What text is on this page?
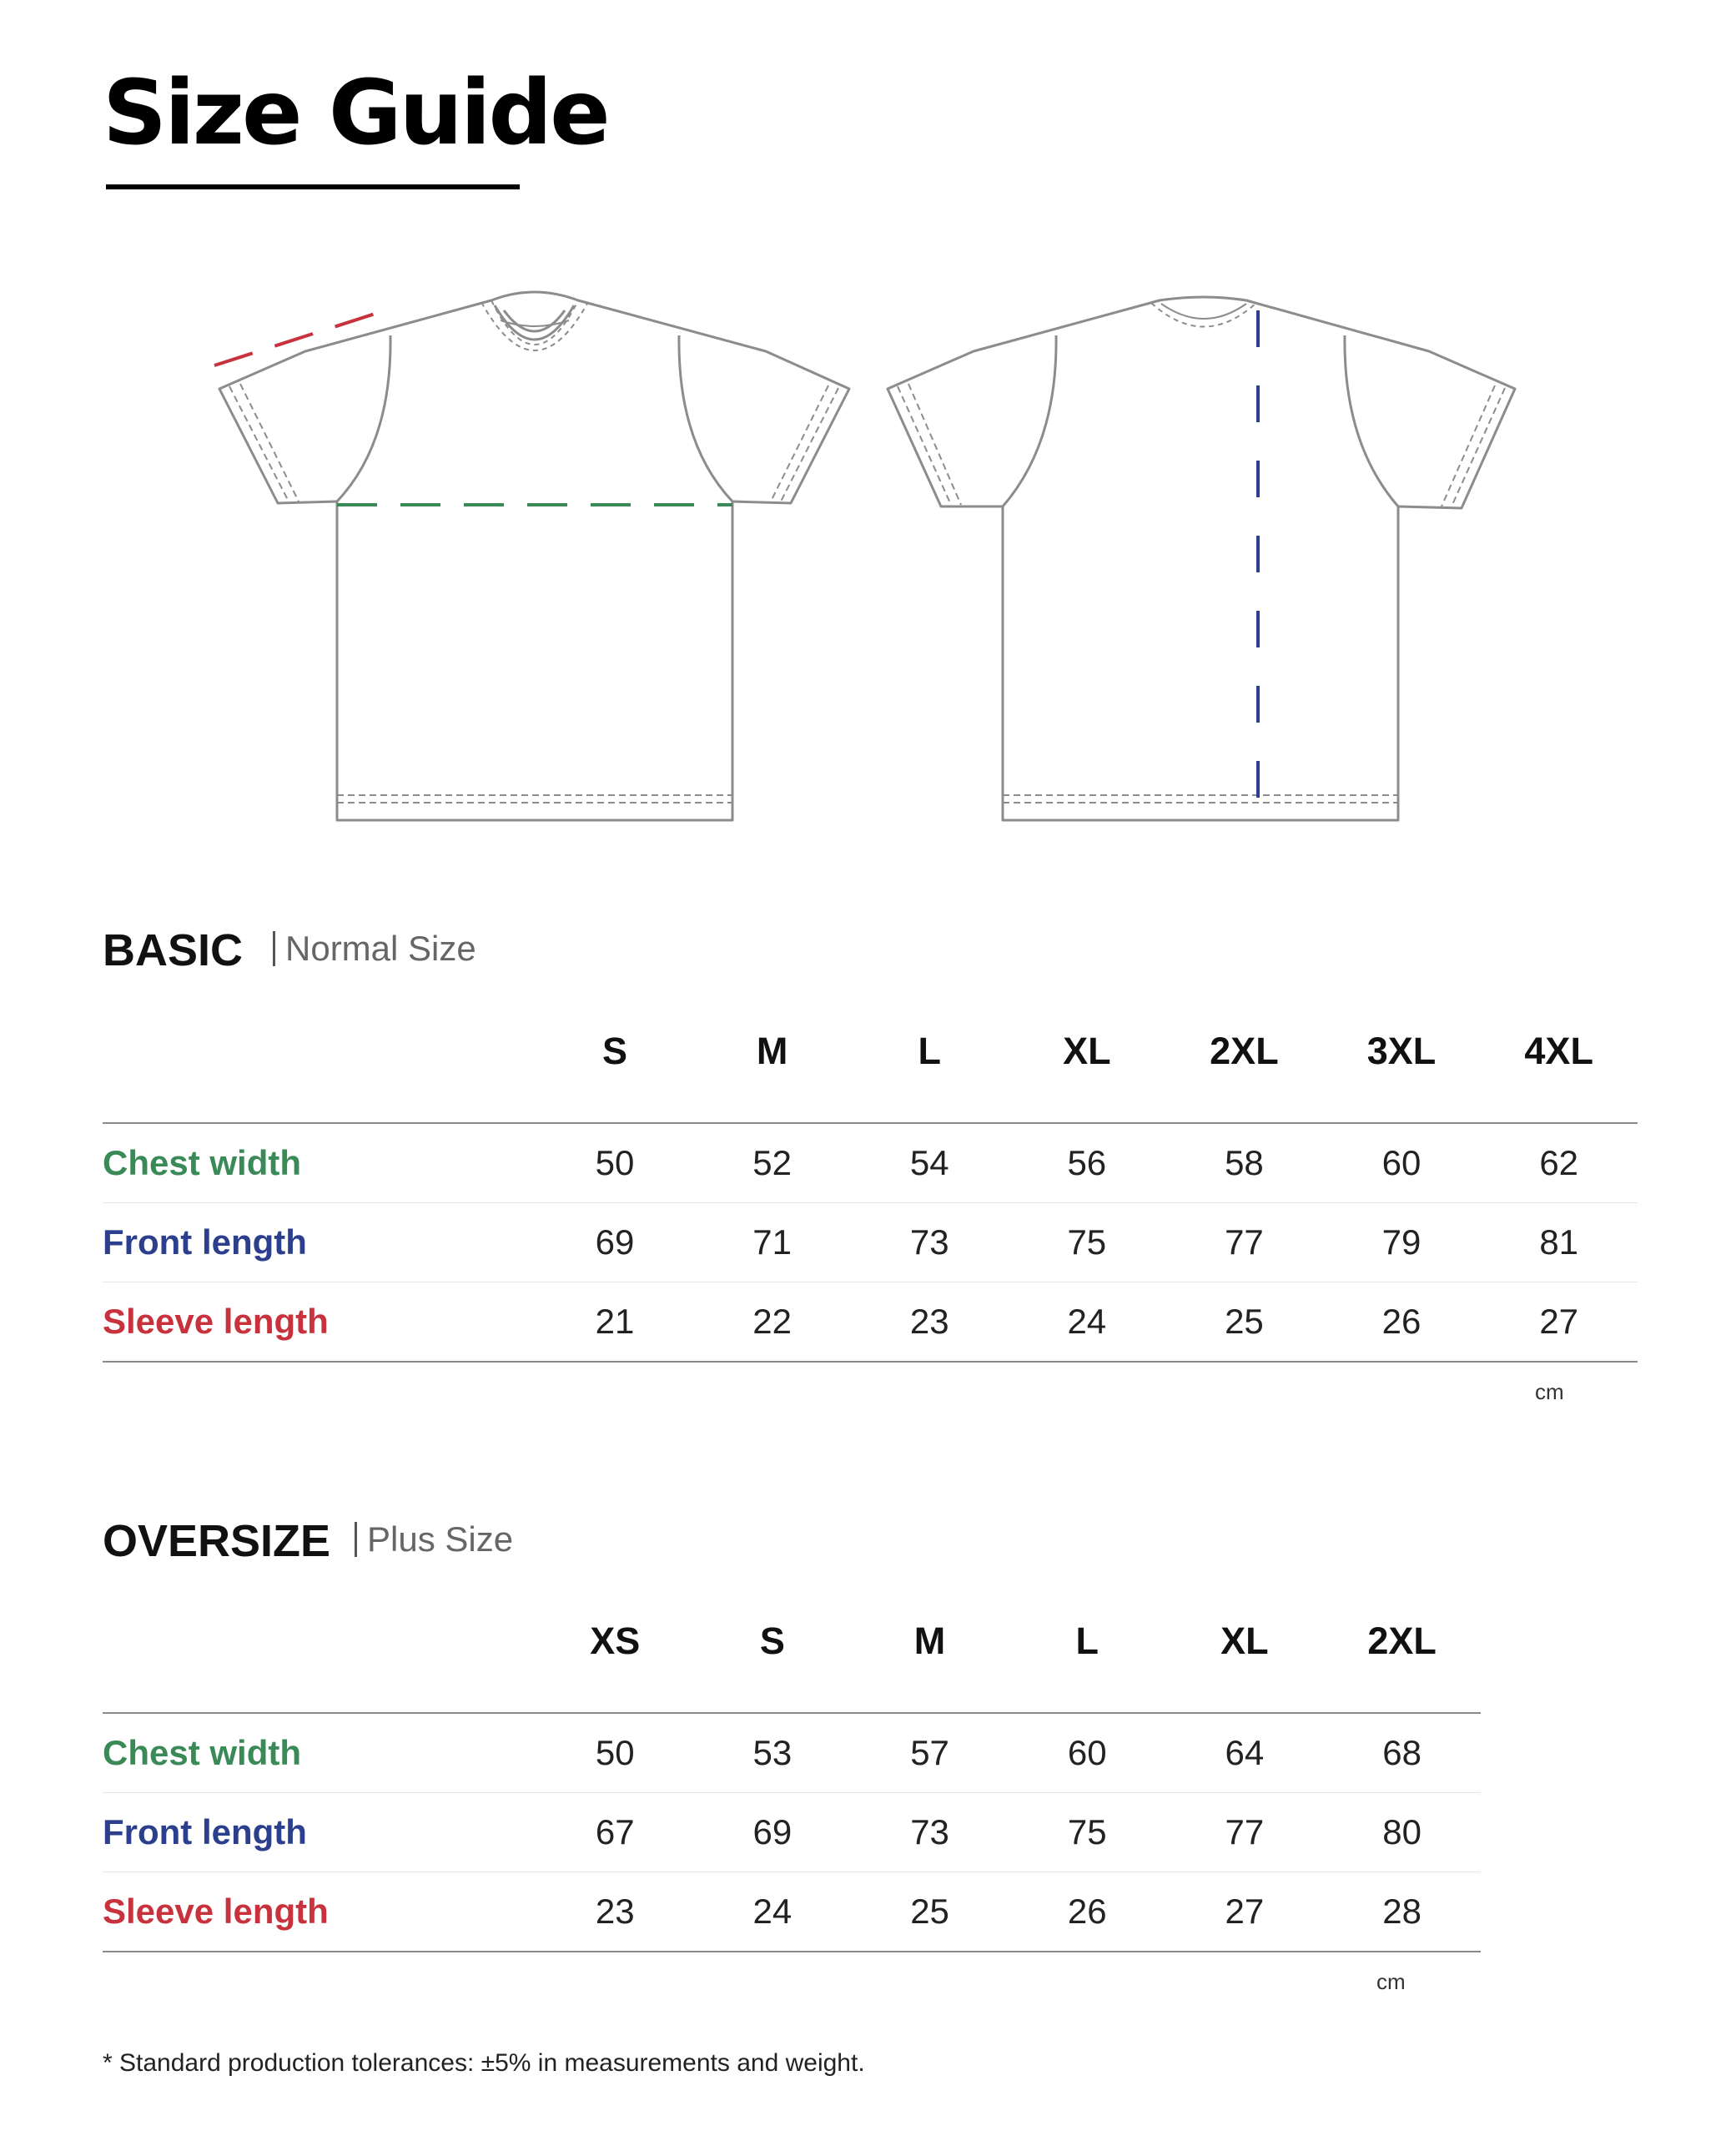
Size Guide
BASIC	Normal Size
	S	M	L	XL	2XL	3XL	4XL
Chest width	50	52	54	56	58	60	62
Front length	69	71	73	75	77	79	81
Sleeve length	21	22	23	24	25	26	27
cm
OVERSIZE	Plus Size
	XS	S	M	L	XL	2XL
Chest width	50	53	57	60	64	68
Front length	67	69	73	75	77	80
Sleeve length	23	24	25	26	27	28
cm
* Standard production tolerances: ±5% in measurements and weight.
